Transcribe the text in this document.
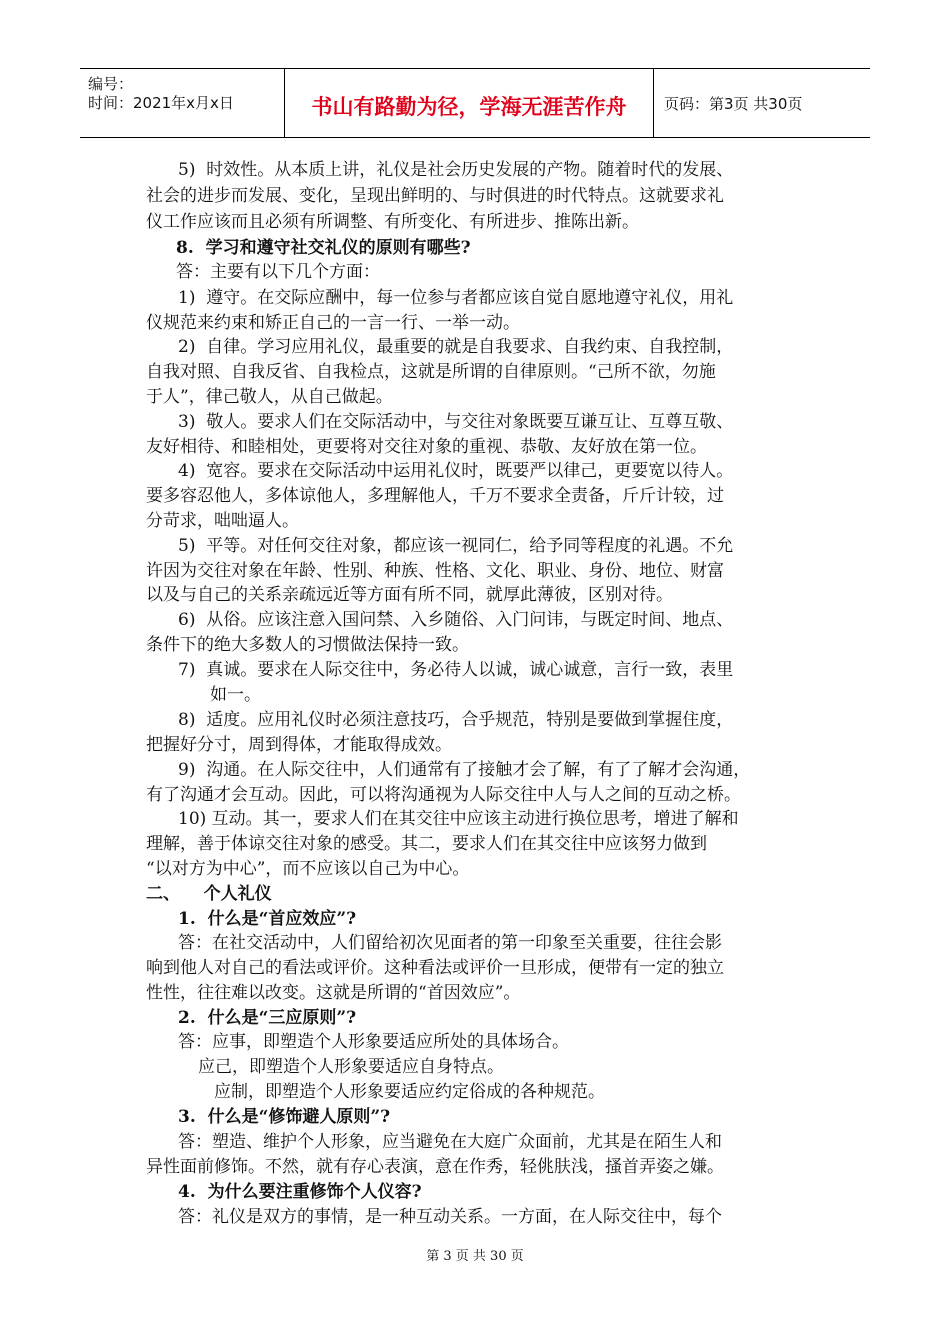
编号：
时间：2021年x月x日	书山有路勤为径，学海无涯苦作舟	页码：第3页 共30页
5)  时效性。从本质上讲，礼仪是社会历史发展的产物。随着时代的发展、
社会的进步而发展、变化，呈现出鲜明的、与时俱进的时代特点。这就要求礼
仪工作应该而且必须有所调整、有所变化、有所进步、推陈出新。
8.  学习和遵守社交礼仪的原则有哪些?
答：主要有以下几个方面：
1)  遵守。在交际应酬中，每一位参与者都应该自觉自愿地遵守礼仪，用礼
仪规范来约束和矫正自己的一言一行、一举一动。
2)  自律。学习应用礼仪，最重要的就是自我要求、自我约束、自我控制，
自我对照、自我反省、自我检点，这就是所谓的自律原则。“己所不欲，勿施
于人”，律己敬人，从自己做起。
3)  敬人。要求人们在交际活动中，与交往对象既要互谦互让、互尊互敬、
友好相待、和睦相处，更要将对交往对象的重视、恭敬、友好放在第一位。
4)  宽容。要求在交际活动中运用礼仪时，既要严以律己，更要宽以待人。
要多容忍他人，多体谅他人，多理解他人，千万不要求全责备，斤斤计较，过
分苛求，咄咄逼人。
5)  平等。对任何交往对象，都应该一视同仁，给予同等程度的礼遇。不允
许因为交往对象在年龄、性别、种族、性格、文化、职业、身份、地位、财富
以及与自己的关系亲疏远近等方面有所不同，就厚此薄彼，区别对待。
6)  从俗。应该注意入国问禁、入乡随俗、入门问讳，与既定时间、地点、
条件下的绝大多数人的习惯做法保持一致。
7)  真诚。要求在人际交往中，务必待人以诚，诚心诚意，言行一致，表里
如一。
8)  适度。应用礼仪时必须注意技巧，合乎规范，特别是要做到掌握住度，
把握好分寸，周到得体，才能取得成效。
9)  沟通。在人际交往中，人们通常有了接触才会了解，有了了解才会沟通，
有了沟通才会互动。因此，可以将沟通视为人际交往中人与人之间的互动之桥。
10) 互动。其一，要求人们在其交往中应该主动进行换位思考，增进了解和
理解，善于体谅交往对象的感受。其二，要求人们在其交往中应该努力做到
“以对方为中心”，而不应该以自己为中心。
二、    个人礼仪
1.  什么是“首应效应”?
答：在社交活动中，人们留给初次见面者的第一印象至关重要，往往会影
响到他人对自己的看法或评价。这种看法或评价一旦形成，便带有一定的独立
性性，往往难以改变。这就是所谓的“首因效应”。
2.  什么是“三应原则”?
答：应事，即塑造个人形象要适应所处的具体场合。
应己，即塑造个人形象要适应自身特点。
应制，即塑造个人形象要适应约定俗成的各种规范。
3.  什么是“修饰避人原则”?
答：塑造、维护个人形象，应当避免在大庭广众面前，尤其是在陌生人和
异性面前修饰。不然，就有存心表演，意在作秀，轻佻肤浅，搔首弄姿之嫌。
4.  为什么要注重修饰个人仪容?
答：礼仪是双方的事情，是一种互动关系。一方面，在人际交往中，每个
第 3 页 共 30 页
